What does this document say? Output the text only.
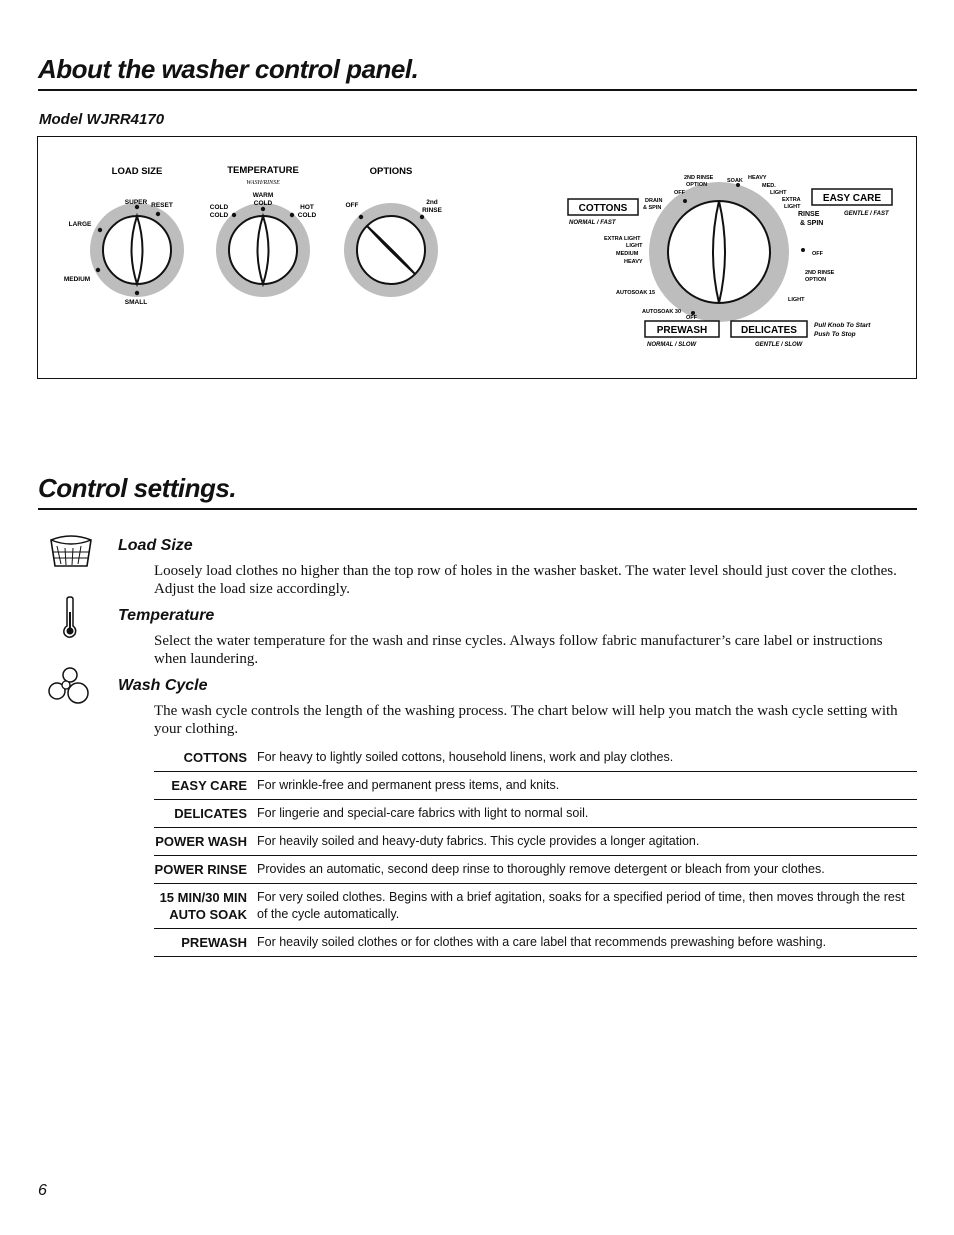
About the washer control panel.
Model WJRR4170
LOAD SIZE
SUPER RESET
LARGE
MEDIUM
SMALL
TEMPERATURE
WASH/RINSE
WARM
COLD
COLD
COLD
HOT
COLD
OPTIONS
OFF	2nd
RINSE	COTTONS
NORMAL / FAST
EASY CARE
GENTLE / FAST
PREWASH
NORMAL / SLOW
DELICATES
GENTLE / SLOW
Pull Knob To Start
Push To Stop
DRAIN
& SPIN
OFF
2ND RINSE
OPTION
SOAK HEAVY
MED.
LIGHT
EXTRA
LIGHT
RINSE
& SPIN
OFF
2ND RINSE
OPTION
LIGHT
EXTRA LIGHT
LIGHT
MEDIUM
HEAVY
AUTOSOAK 15
AUTOSOAK 30
OFF
Control settings.
Load Size
Loosely load clothes no higher than the top row of holes in the washer basket. The water level should just cover the clothes. Adjust the load size accordingly.
Temperature
Select the water temperature for the wash and rinse cycles. Always follow fabric manufacturer’s care label or instructions when laundering.
Wash Cycle
The wash cycle controls the length of the washing process. The chart below will help you match the wash cycle setting with your clothing.
COTTONS	For heavy to lightly soiled cottons, household linens, work and play clothes.
EASY CARE	For wrinkle-free and permanent press items, and knits.
DELICATES	For lingerie and special-care fabrics with light to normal soil.
POWER WASH	For heavily soiled and heavy-duty fabrics. This cycle provides a longer agitation.
POWER RINSE	Provides an automatic, second deep rinse to thoroughly remove detergent or bleach from your clothes.
15 MIN/30 MIN
AUTO SOAK	For very soiled clothes. Begins with a brief agitation, soaks for a specified period of time, then moves through the rest of the cycle automatically.
PREWASH	For heavily soiled clothes or for clothes with a care label that recommends prewashing before washing.
6
